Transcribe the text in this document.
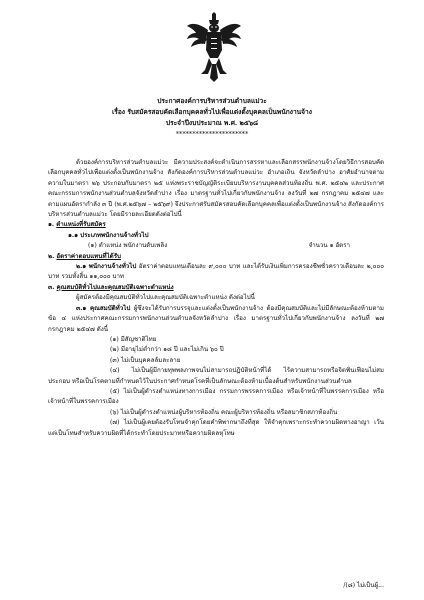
ประกาศองค์การบริหารส่วนตำบลแม่วะ
เรื่อง รับสมัครสอบคัดเลือกบุคคลทั่วไปเพื่อแต่งตั้งบุคคลเป็นพนักงานจ้าง
ประจำปีงบประมาณ พ.ศ. ๒๕๖๘
**********************

ด้วยองค์การบริหารส่วนตำบลแม่วะ มีความประสงค์จะดำเนินการสรรหาและเลือกสรรพนักงานจ้างโดยวิธีการสอบคัดเลือกบุคคลทั่วไปเพื่อแต่งตั้งเป็นพนักงานจ้าง สังกัดองค์การบริหารส่วนตำบลแม่วะ อำเภอเถิน จังหวัดลำปาง อาศัยอำนาจตามความในมาตรา ๒๖ ประกอบกับมาตรา ๒๕ แห่งพระราชบัญญัติระเบียบบริหารงานบุคคลส่วนท้องถิ่น พ.ศ. ๒๕๔๒ และประกาศคณะกรรมการพนักงานส่วนตำบลจังหวัดลำปาง เรื่อง มาตรฐานทั่วไปเกี่ยวกับพนักงานจ้าง ลงวันที่ ๒๗ กรกฎาคม ๒๕๔๗ และตามแผนอัตรากำลัง ๓ ปี (พ.ศ.๒๕๖๗ – ๒๕๖๙) จึงประกาศรับสมัครสอบคัดเลือกบุคคลเพื่อแต่งตั้งเป็นพนักงานจ้าง สังกัดองค์การบริหารส่วนตำบลแม่วะ โดยมีรายละเอียดดังต่อไปนี้

๑. ตำแหน่งที่รับสมัคร

๑.๑ ประเภทพนักงานจ้างทั่วไป

(๑) ตำแหน่ง พนักงานดับเพลิง	จำนวน ๑ อัตรา

๒. อัตราค่าตอบแทนที่ได้รับ

๒.๑ พนักงานจ้างทั่วไป อัตราค่าตอบแทนเดือนละ ๙,๐๐๐ บาท และได้รับเงินเพิ่มการครองชีพชั่วคราวเดือนละ ๒,๐๐๐ บาท รวมทั้งสิ้น ๑๑,๐๐๐ บาท

๓. คุณสมบัติทั่วไปและคุณสมบัติเฉพาะตำแหน่ง

ผู้สมัครต้องมีคุณสมบัติทั่วไปและคุณสมบัติเฉพาะตำแหน่ง ดังต่อไปนี้

๓.๑ คุณสมบัติทั่วไป ผู้ซึ่งจะได้รับการบรรจุและแต่งตั้งเป็นพนักงานจ้าง ต้องมีคุณสมบัติและไม่มีลักษณะต้องห้ามตามข้อ ๔ แห่งประกาศคณะกรรมการพนักงานส่วนตำบลจังหวัดลำปาง เรื่อง มาตรฐานทั่วไปเกี่ยวกับพนักงานจ้าง ลงวันที่ ๒๗ กรกฎาคม ๒๕๔๗ ดังนี้

(๑) มีสัญชาติไทย

(๒) มีอายุไม่ต่ำกว่า ๑๘ ปี และไม่เกิน ๖๐ ปี

(๓) ไม่เป็นบุคคลล้มละลาย

(๔) ไม่เป็นผู้มีกายทุพพลภาพจนไม่สามารถปฏิบัติหน้าที่ได้ ไร้ความสามารถหรือจิตฟั่นเฟือนไม่สมประกอบ หรือเป็นโรคตามที่กำหนดไว้ในประกาศกำหนดโรคที่เป็นลักษณะต้องห้ามเบื้องต้นสำหรับพนักงานส่วนตำบล

(๕) ไม่เป็นผู้ดำรงตำแหน่งทางการเมือง กรรมการพรรคการเมือง หรือเจ้าหน้าที่ในพรรคการเมือง หรือเจ้าหน้าที่ในพรรคการเมือง

(๖) ไม่เป็นผู้ดำรงตำแหน่งผู้บริหารท้องถิ่น คณะผู้บริหารท้องถิ่น หรือสมาชิกสภาท้องถิ่น

(๗) ไม่เป็นผู้เคยต้องรับโทษจำคุกโดยคำพิพากษาถึงที่สุด ให้จำคุกเพราะกระทำความผิดทางอาญา เว้นแต่เป็นโทษสำหรับความผิดที่ได้กระทำโดยประมาทหรือความผิดลหุโทษ

/(๘) ไม่เป็นผู้...
